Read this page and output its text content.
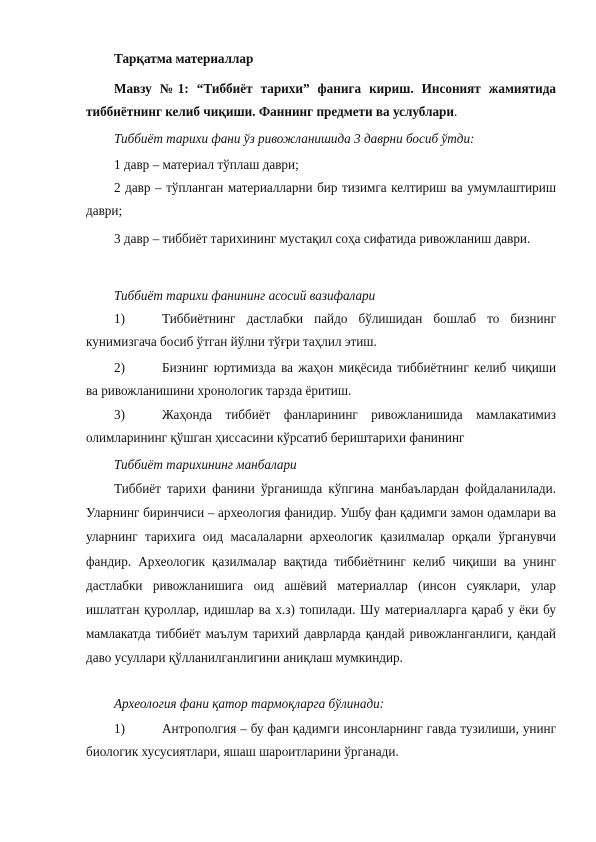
Тарқатма материаллар

Мавзу №1: “Тиббиёт тарихи” фанига кириш. Инсоният жамиятида тиббиётнинг келиб чиқиши. Фаннинг предмети ва услублари.

Тиббиёт тарихи фани ўз ривожланишида 3 даврни босиб ўтди:
1 давр – материал тўплаш даври;

2 давр – тўпланган материалларни бир тизимга келтириш ва умумлаштириш даври;

3 давр – тиббиёт тарихининг мустақил соҳа сифатида ривожланиш даври.

Тиббиёт тарихи фанининг асосий вазифалари
1)	Тиббиётнинг дастлабки пайдо бўлишидан бошлаб то бизнинг кунимизгача босиб ўтган йўлни тўғри таҳлил этиш.
2)	Бизнинг юртимизда ва жаҳон миқёсида тиббиётнинг келиб чиқиши ва ривожланишини хронологик тарзда ёритиш.
3)	Жаҳонда тиббиёт фанларининг ривожланишида мамлакатимиз олимларининг қўшган ҳиссасини кўрсатиб бериштарихи фанининг
Тиббиёт тарихининг манбалари

Тиббиёт тарихи фанини ўрганишда кўпгина манбаълардан фойдаланилади. Уларнинг биринчиси – археология фанидир. Ушбу фан қадимги замон одамлари ва уларнинг тарихига оид масалаларни археологик қазилмалар орқали ўрганувчи фандир. Археологик қазилмалар вақтида тиббиётнинг келиб чиқиши ва унинг дастлабки ривожланишига оид ашёвий материаллар (инсон суяклари, улар ишлатган қуроллар, идишлар ва х.з) топилади. Шу материалларга қараб у ёки бу мамлакатда тиббиёт маълум тарихий даврларда қандай ривожланганлиги, қандай даво усуллари қўлланилганлигини аниқлаш мумкиндир.

Археология фани қатор тармоқларга бўлинади:
1)	Антрополгия – бу фан қадимги инсонларнинг гавда тузилиши, унинг биологик хусусиятлари, яшаш шароитларини ўрганади.
